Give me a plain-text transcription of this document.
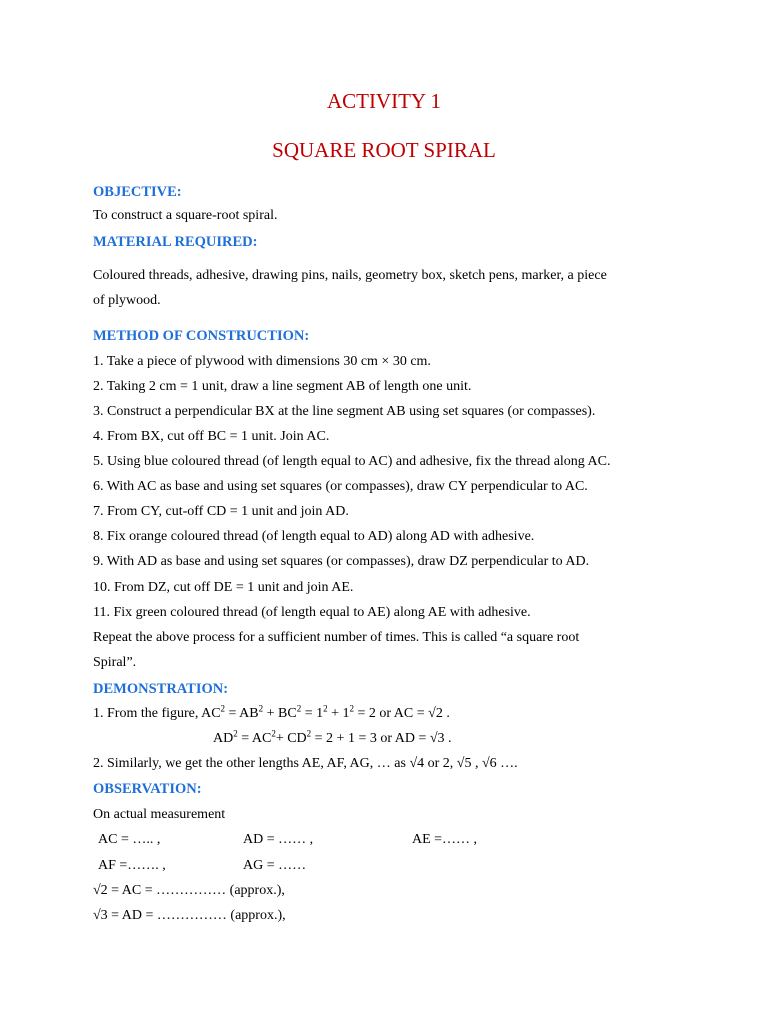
ACTIVITY 1
SQUARE ROOT SPIRAL
OBJECTIVE:
To construct a square-root spiral.
MATERIAL REQUIRED:
Coloured threads, adhesive, drawing pins, nails, geometry box, sketch pens, marker, a piece
of plywood.
METHOD OF CONSTRUCTION:
1. Take a piece of plywood with dimensions 30 cm × 30 cm.
2. Taking 2 cm = 1 unit, draw a line segment AB of length one unit.
3. Construct a perpendicular BX at the line segment AB using set squares (or compasses).
4. From BX, cut off BC = 1 unit. Join AC.
5. Using blue coloured thread (of length equal to AC) and adhesive, fix the thread along AC.
6. With AC as base and using set squares (or compasses), draw CY perpendicular to AC.
7. From CY, cut-off CD = 1 unit and join AD.
8. Fix orange coloured thread (of length equal to AD) along AD with adhesive.
9. With AD as base and using set squares (or compasses), draw DZ perpendicular to AD.
10. From DZ, cut off DE = 1 unit and join AE.
11. Fix green coloured thread (of length equal to AE) along AE with adhesive.
Repeat the above process for a sufficient number of times. This is called “a square root
Spiral”.
DEMONSTRATION:
1. From the figure, $AC^2 = AB^2 + BC^2 = 1^2 + 1^2 = 2$ or AC = √2 .
$AD^2 = AC^2+ CD^2 = 2 + 1 = 3$ or AD = √3 .
2. Similarly, we get the other lengths AE, AF, AG, … as √4 or 2, √5 , √6 ….
OBSERVATION:
On actual measurement
AC = ….. ,	AD = …… ,	AE =…… ,
AF =……. ,	AG = ……
√2 = AC = …………… (approx.),
√3 = AD = …………… (approx.),
